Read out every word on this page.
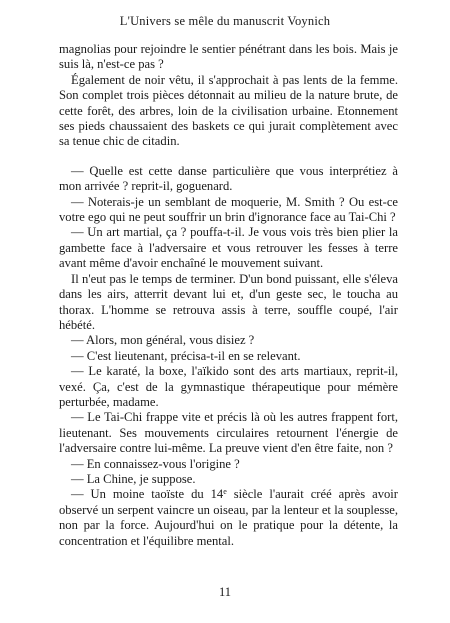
L'Univers se mêle du manuscrit Voynich

magnolias pour rejoindre le sentier pénétrant dans les bois. Mais je suis là, n'est-ce pas ?

Également de noir vêtu, il s'approchait à pas lents de la femme. Son complet trois pièces détonnait au milieu de la nature brute, de cette forêt, des arbres, loin de la civilisation urbaine. Etonnement ses pieds chaussaient des baskets ce qui jurait complètement avec sa tenue chic de citadin.

— Quelle est cette danse particulière que vous interprétiez à mon arrivée ? reprit-il, goguenard.

— Noterais-je un semblant de moquerie, M. Smith ? Ou est-ce votre ego qui ne peut souffrir un brin d'ignorance face au Tai-Chi ?

— Un art martial, ça ? pouffa-t-il. Je vous vois très bien plier la gambette face à l'adversaire et vous retrouver les fesses à terre avant même d'avoir enchaîné le mouvement suivant.

Il n'eut pas le temps de terminer. D'un bond puissant, elle s'éleva dans les airs, atterrit devant lui et, d'un geste sec, le toucha au thorax. L'homme se retrouva assis à terre, souffle coupé, l'air hébété.

— Alors, mon général, vous disiez ?

— C'est lieutenant, précisa-t-il en se relevant.

— Le karaté, la boxe, l'aïkido sont des arts martiaux, reprit-il, vexé. Ça, c'est de la gymnastique thérapeutique pour mémère perturbée, madame.

— Le Tai-Chi frappe vite et précis là où les autres frappent fort, lieutenant. Ses mouvements circulaires retournent l'énergie de l'adversaire contre lui-même. La preuve vient d'en être faite, non ?

— En connaissez-vous l'origine ?

— La Chine, je suppose.

— Un moine taoïste du 14e siècle l'aurait créé après avoir observé un serpent vaincre un oiseau, par la lenteur et la souplesse, non par la force. Aujourd'hui on le pratique pour la détente, la concentration et l'équilibre mental.

11
